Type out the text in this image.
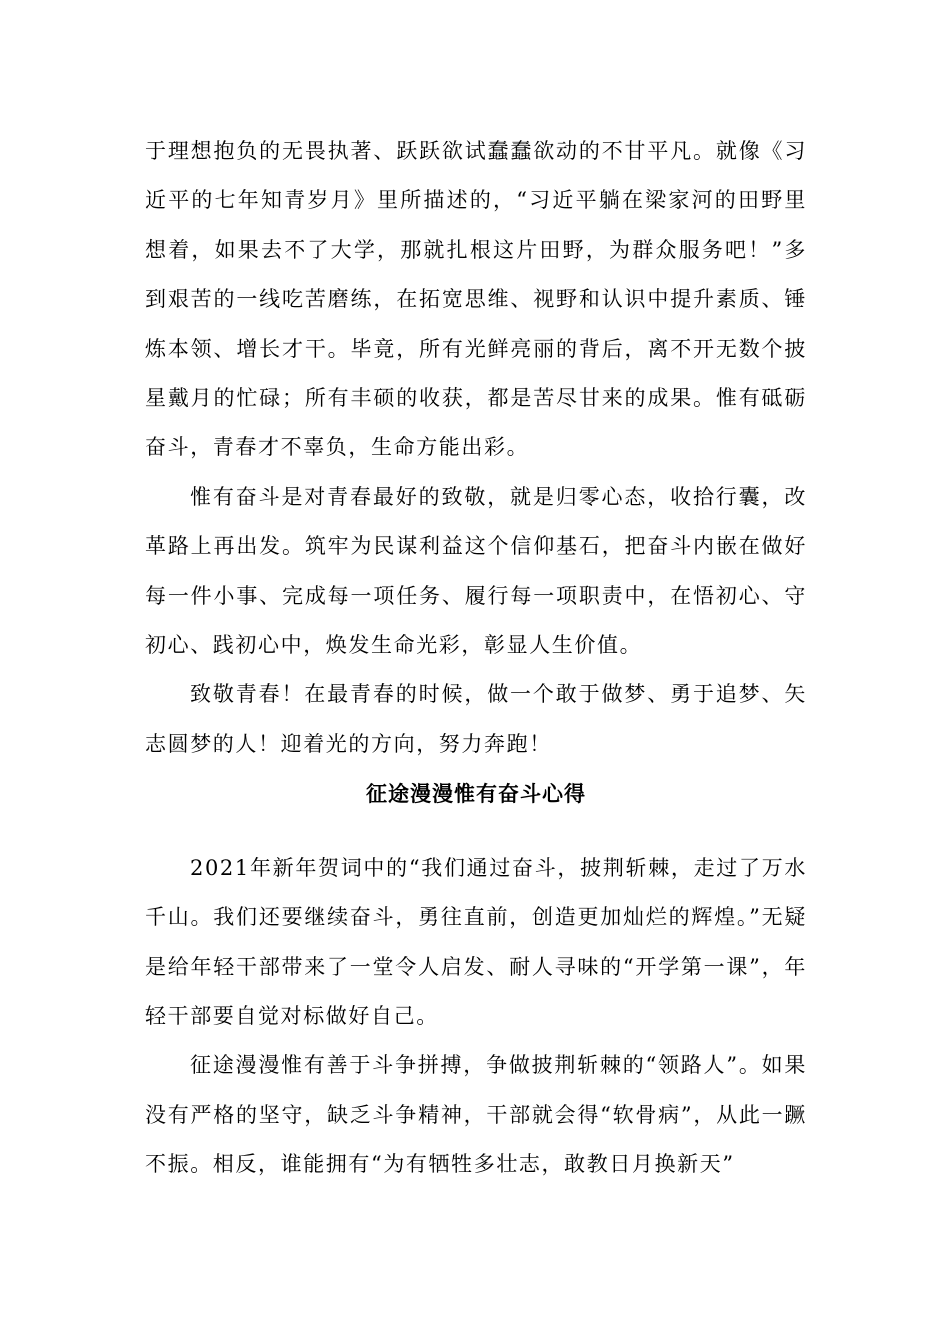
于理想抱负的无畏执著、跃跃欲试蠢蠢欲动的不甘平凡。就像《习近平的七年知青岁月》里所描述的，“习近平躺在梁家河的田野里想着，如果去不了大学，那就扎根这片田野，为群众服务吧！”多到艰苦的一线吃苦磨练，在拓宽思维、视野和认识中提升素质、锤炼本领、增长才干。毕竟，所有光鲜亮丽的背后，离不开无数个披星戴月的忙碌；所有丰硕的收获，都是苦尽甘来的成果。惟有砥砺奋斗，青春才不辜负，生命方能出彩。

惟有奋斗是对青春最好的致敬，就是归零心态，收拾行囊，改革路上再出发。筑牢为民谋利益这个信仰基石，把奋斗内嵌在做好每一件小事、完成每一项任务、履行每一项职责中，在悟初心、守初心、践初心中，焕发生命光彩，彰显人生价值。

致敬青春！在最青春的时候，做一个敢于做梦、勇于追梦、矢志圆梦的人！迎着光的方向，努力奔跑！

征途漫漫惟有奋斗心得

2021年新年贺词中的“我们通过奋斗，披荆斩棘，走过了万水千山。我们还要继续奋斗，勇往直前，创造更加灿烂的辉煌。”无疑是给年轻干部带来了一堂令人启发、耐人寻味的“开学第一课”，年轻干部要自觉对标做好自己。

征途漫漫惟有善于斗争拼搏，争做披荆斩棘的“领路人”。如果没有严格的坚守，缺乏斗争精神，干部就会得“软骨病”，从此一蹶不振。相反，谁能拥有“为有牺牲多壮志，敢教日月换新天”
